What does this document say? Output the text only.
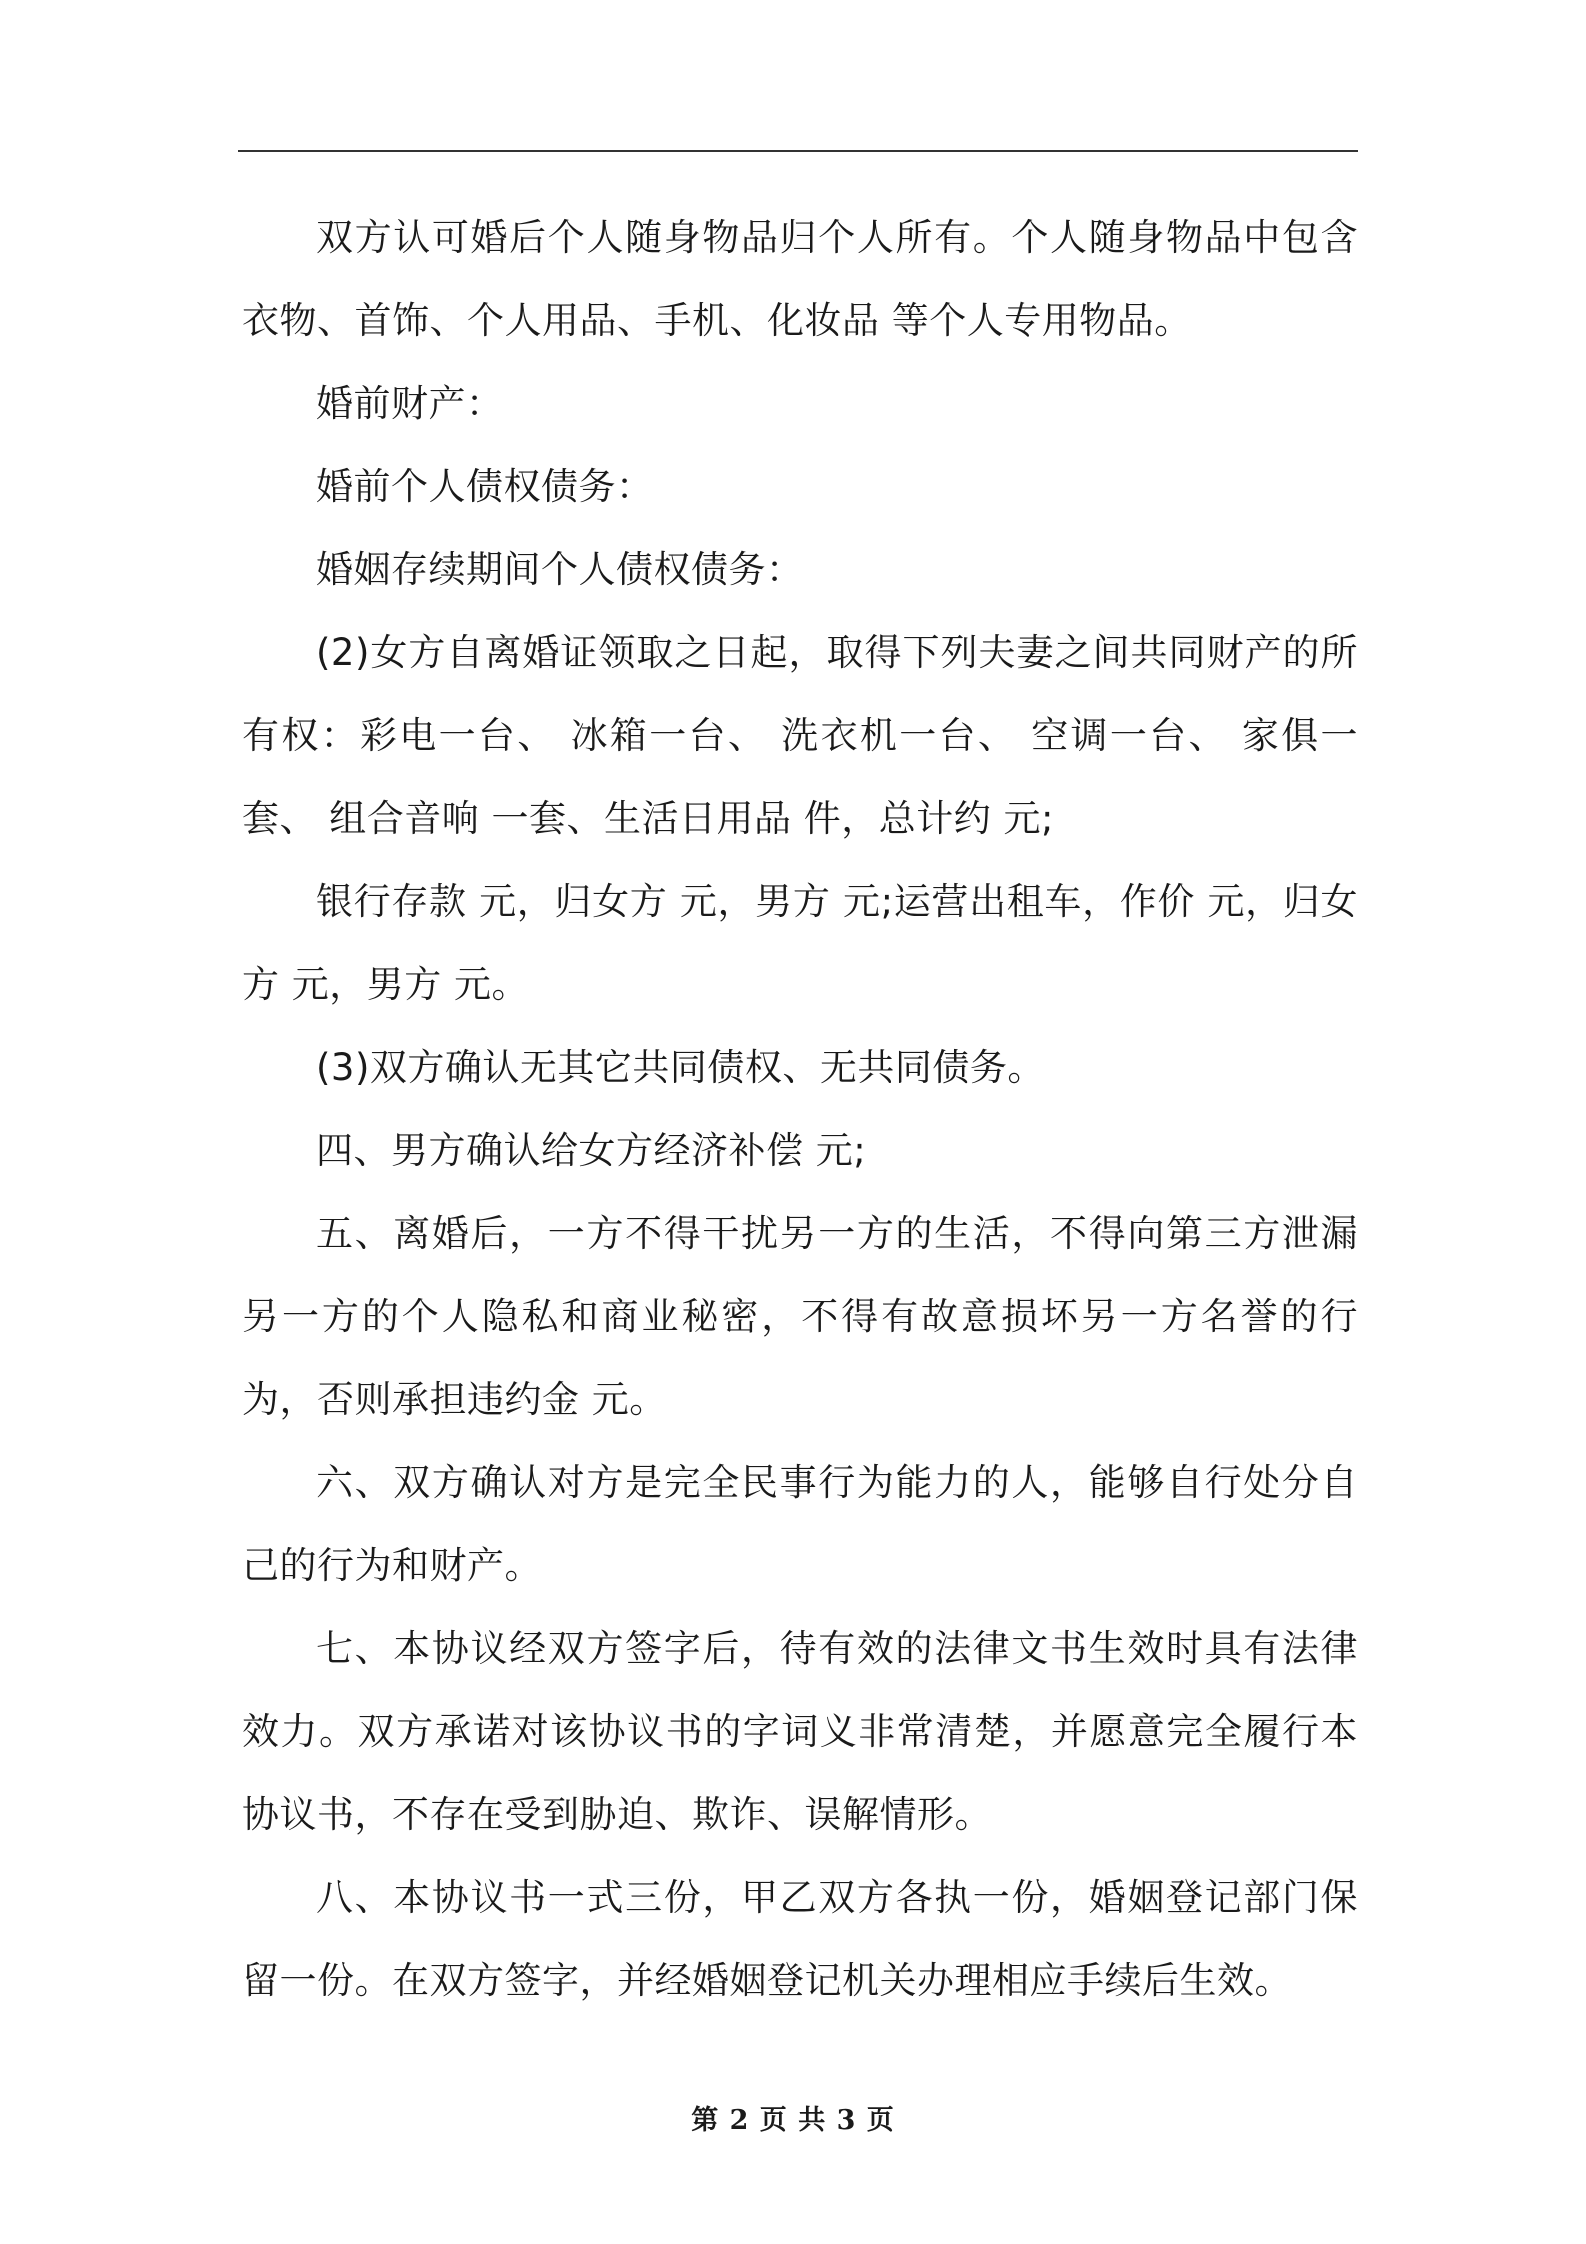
双方认可婚后个人随身物品归个人所有。个人随身物品中包含衣物、首饰、个人用品、手机、化妆品 等个人专用物品。

婚前财产：

婚前个人债权债务：

婚姻存续期间个人债权债务：

(2)女方自离婚证领取之日起，取得下列夫妻之间共同财产的所有权：彩电一台、 冰箱一台、 洗衣机一台、 空调一台、 家俱一套、 组合音响 一套、生活日用品 件，总计约 元;

银行存款 元，归女方 元，男方 元;运营出租车，作价 元，归女方 元，男方 元。

(3)双方确认无其它共同债权、无共同债务。

四、男方确认给女方经济补偿 元;

五、离婚后，一方不得干扰另一方的生活，不得向第三方泄漏另一方的个人隐私和商业秘密，不得有故意损坏另一方名誉的行为，否则承担违约金 元。

六、双方确认对方是完全民事行为能力的人，能够自行处分自己的行为和财产。

七、本协议经双方签字后，待有效的法律文书生效时具有法律效力。双方承诺对该协议书的字词义非常清楚，并愿意完全履行本协议书，不存在受到胁迫、欺诈、误解情形。

八、本协议书一式三份，甲乙双方各执一份，婚姻登记部门保留一份。在双方签字，并经婚姻登记机关办理相应手续后生效。

第 2 页 共 3 页
